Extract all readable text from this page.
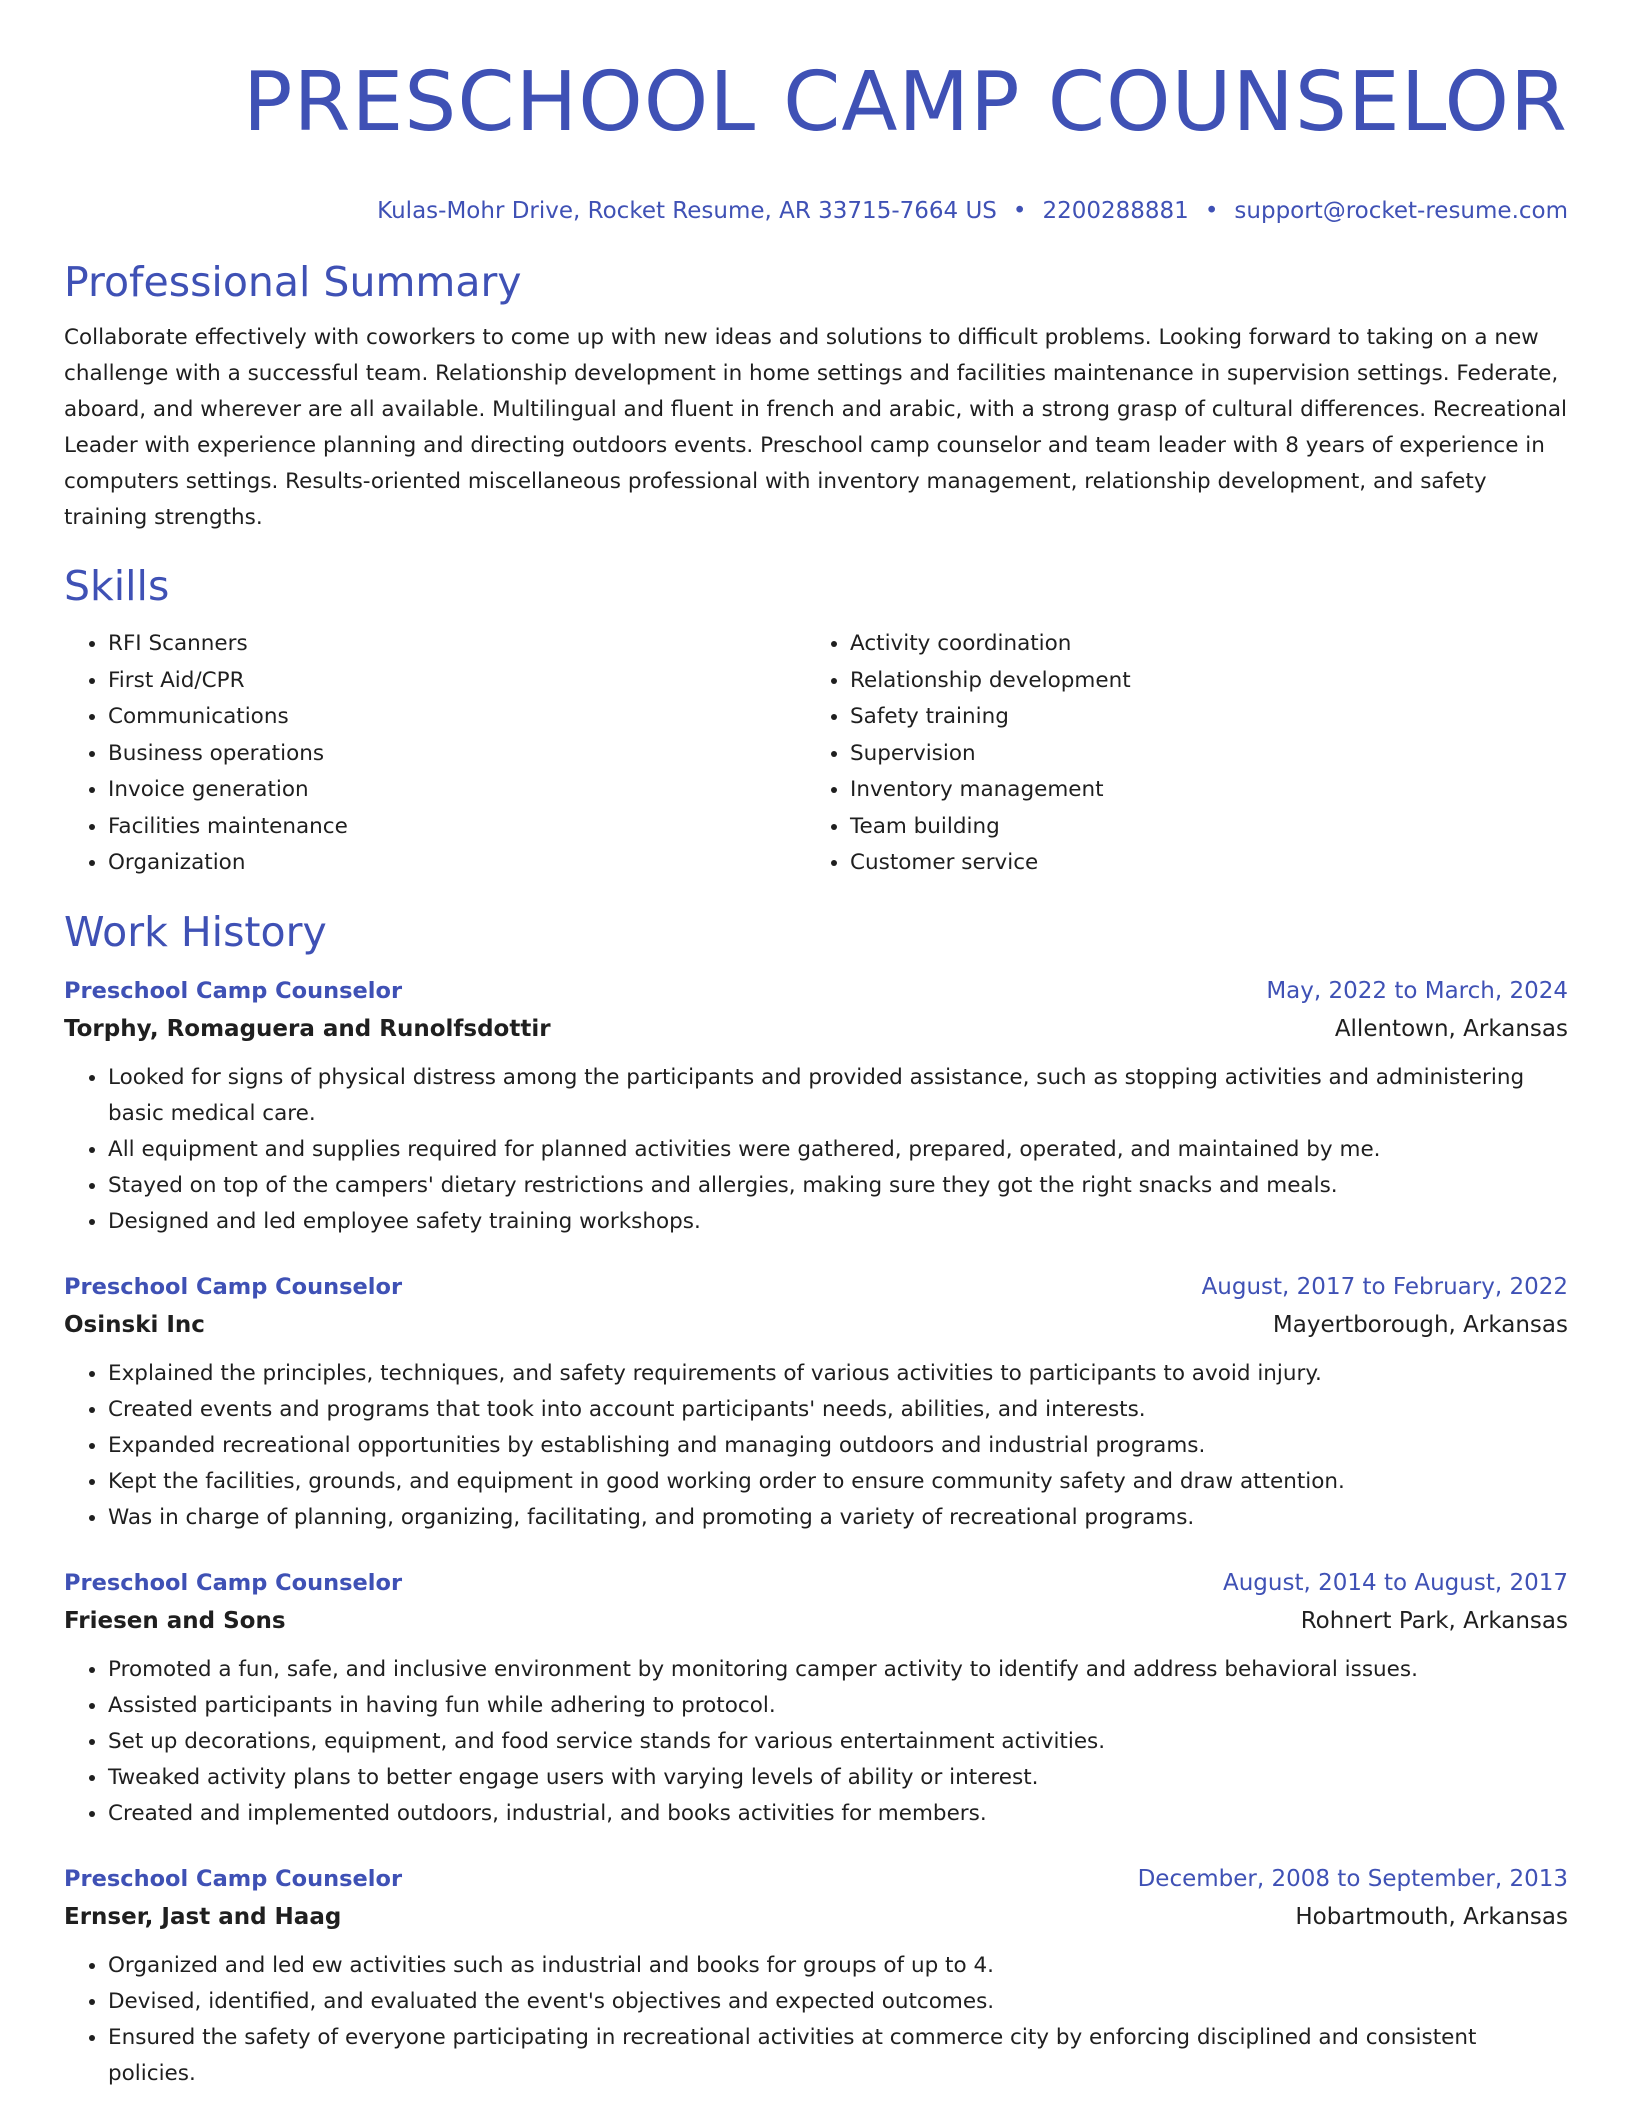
PRESCHOOL CAMP COUNSELOR
Kulas-Mohr Drive, Rocket Resume, AR 33715-7664 US • 2200288881 • support@rocket-resume.com
Professional Summary
Collaborate effectively with coworkers to come up with new ideas and solutions to difficult problems. Looking forward to taking on a new challenge with a successful team. Relationship development in home settings and facilities maintenance in supervision settings. Federate, aboard, and wherever are all available. Multilingual and fluent in french and arabic, with a strong grasp of cultural differences. Recreational Leader with experience planning and directing outdoors events. Preschool camp counselor and team leader with 8 years of experience in computers settings. Results-oriented miscellaneous professional with inventory management, relationship development, and safety training strengths.
Skills
• RFI Scanners
• First Aid/CPR
• Communications
• Business operations
• Invoice generation
• Facilities maintenance
• Organization
• Activity coordination
• Relationship development
• Safety training
• Supervision
• Inventory management
• Team building
• Customer service
Work History
Preschool Camp Counselor	May, 2022 to March, 2024
Torphy, Romaguera and Runolfsdottir	Allentown, Arkansas
• Looked for signs of physical distress among the participants and provided assistance, such as stopping activities and administering basic medical care.
• All equipment and supplies required for planned activities were gathered, prepared, operated, and maintained by me.
• Stayed on top of the campers' dietary restrictions and allergies, making sure they got the right snacks and meals.
• Designed and led employee safety training workshops.
Preschool Camp Counselor	August, 2017 to February, 2022
Osinski Inc	Mayertborough, Arkansas
• Explained the principles, techniques, and safety requirements of various activities to participants to avoid injury.
• Created events and programs that took into account participants' needs, abilities, and interests.
• Expanded recreational opportunities by establishing and managing outdoors and industrial programs.
• Kept the facilities, grounds, and equipment in good working order to ensure community safety and draw attention.
• Was in charge of planning, organizing, facilitating, and promoting a variety of recreational programs.
Preschool Camp Counselor	August, 2014 to August, 2017
Friesen and Sons	Rohnert Park, Arkansas
• Promoted a fun, safe, and inclusive environment by monitoring camper activity to identify and address behavioral issues.
• Assisted participants in having fun while adhering to protocol.
• Set up decorations, equipment, and food service stands for various entertainment activities.
• Tweaked activity plans to better engage users with varying levels of ability or interest.
• Created and implemented outdoors, industrial, and books activities for members.
Preschool Camp Counselor	December, 2008 to September, 2013
Ernser, Jast and Haag	Hobartmouth, Arkansas
• Organized and led ew activities such as industrial and books for groups of up to 4.
• Devised, identified, and evaluated the event's objectives and expected outcomes.
• Ensured the safety of everyone participating in recreational activities at commerce city by enforcing disciplined and consistent policies.
